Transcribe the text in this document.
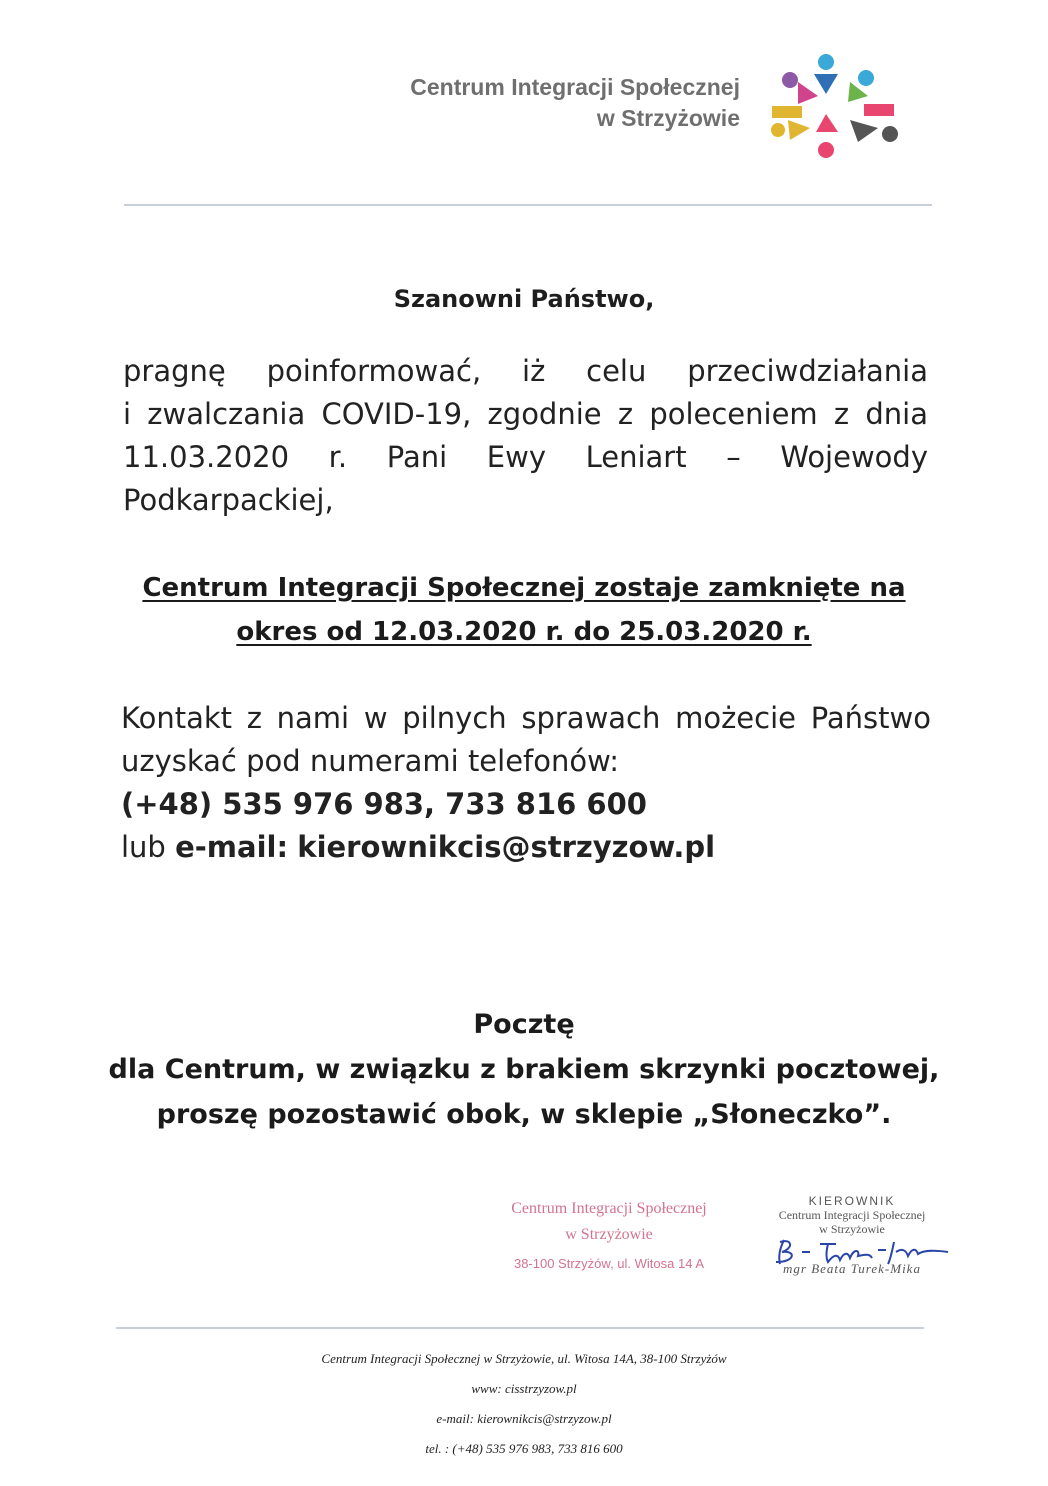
Centrum Integracji Społecznej
w Strzyżowie
Szanowni Państwo,
pragnę poinformować, iż celu przeciwdziałania
i zwalczania COVID-19, zgodnie z poleceniem z dnia
11.03.2020 r. Pani Ewy Leniart – Wojewody
Podkarpackiej,
Centrum Integracji Społecznej zostaje zamknięte na
okres od 12.03.2020 r. do 25.03.2020 r.
Kontakt z nami w pilnych sprawach możecie Państwo
uzyskać pod numerami telefonów:
(+48) 535 976 983, 733 816 600
lub e-mail: kierownikcis@strzyzow.pl
Pocztę
dla Centrum, w związku z brakiem skrzynki pocztowej,
proszę pozostawić obok, w sklepie „Słoneczko”.
Centrum Integracji Społecznej
w Strzyżowie
38-100 Strzyżów, ul. Witosa 14 A
KIEROWNIK
Centrum Integracji Społecznej
w Strzyżowie
mgr Beata Turek-Mika
Centrum Integracji Społecznej w Strzyżowie, ul. Witosa 14A, 38-100 Strzyżów
www: cisstrzyzow.pl
e-mail: kierownikcis@strzyzow.pl
tel. : (+48) 535 976 983, 733 816 600
